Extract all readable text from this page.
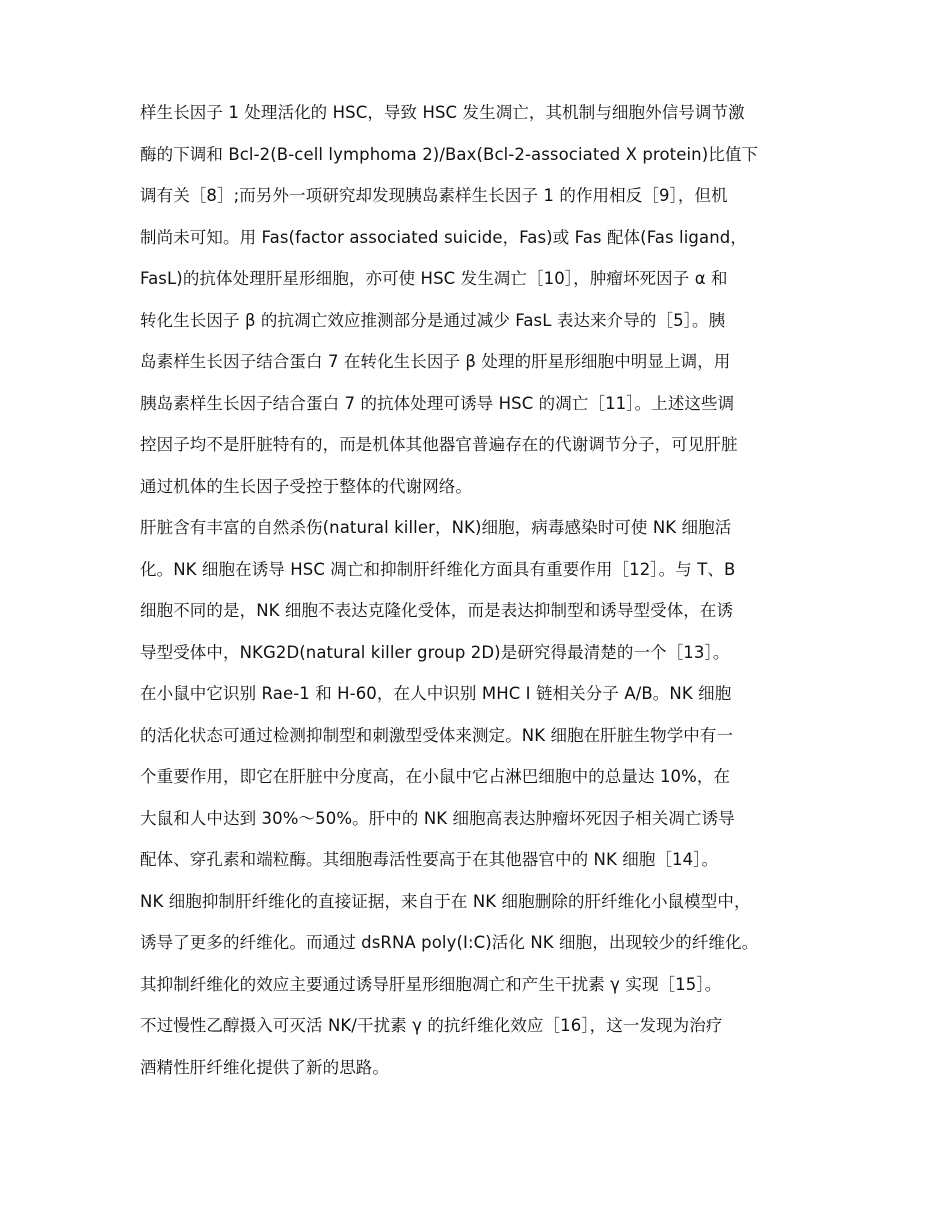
样生长因子 1 处理活化的 HSC，导致 HSC 发生凋亡，其机制与细胞外信号调节激
酶的下调和 Bcl-2(B-cell lymphoma 2)/Bax(Bcl-2-associated X protein)比值下
调有关［8］;而另外一项研究却发现胰岛素样生长因子 1 的作用相反［9］，但机
制尚未可知。用 Fas(factor associated suicide，Fas)或 Fas 配体(Fas ligand，
FasL)的抗体处理肝星形细胞，亦可使 HSC 发生凋亡［10］，肿瘤坏死因子 α 和
转化生长因子 β 的抗凋亡效应推测部分是通过减少 FasL 表达来介导的［5］。胰
岛素样生长因子结合蛋白 7 在转化生长因子 β 处理的肝星形细胞中明显上调，用
胰岛素样生长因子结合蛋白 7 的抗体处理可诱导 HSC 的凋亡［11］。上述这些调
控因子均不是肝脏特有的，而是机体其他器官普遍存在的代谢调节分子，可见肝脏
通过机体的生长因子受控于整体的代谢网络。
肝脏含有丰富的自然杀伤(natural killer，NK)细胞，病毒感染时可使 NK 细胞活
化。NK 细胞在诱导 HSC 凋亡和抑制肝纤维化方面具有重要作用［12］。与 T、B
细胞不同的是，NK 细胞不表达克隆化受体，而是表达抑制型和诱导型受体，在诱
导型受体中，NKG2D(natural killer group 2D)是研究得最清楚的一个［13］。
在小鼠中它识别 Rae-1 和 H-60，在人中识别 MHC I 链相关分子 A/B。NK 细胞
的活化状态可通过检测抑制型和刺激型受体来测定。NK 细胞在肝脏生物学中有一
个重要作用，即它在肝脏中分度高，在小鼠中它占淋巴细胞中的总量达 10%，在
大鼠和人中达到 30%～50%。肝中的 NK 细胞高表达肿瘤坏死因子相关凋亡诱导
配体、穿孔素和端粒酶。其细胞毒活性要高于在其他器官中的 NK 细胞［14］。
NK 细胞抑制肝纤维化的直接证据，来自于在 NK 细胞删除的肝纤维化小鼠模型中，
诱导了更多的纤维化。而通过 dsRNA poly(I:C)活化 NK 细胞，出现较少的纤维化。
其抑制纤维化的效应主要通过诱导肝星形细胞凋亡和产生干扰素 γ 实现［15］。
不过慢性乙醇摄入可灭活 NK/干扰素 γ 的抗纤维化效应［16］，这一发现为治疗
酒精性肝纤维化提供了新的思路。
